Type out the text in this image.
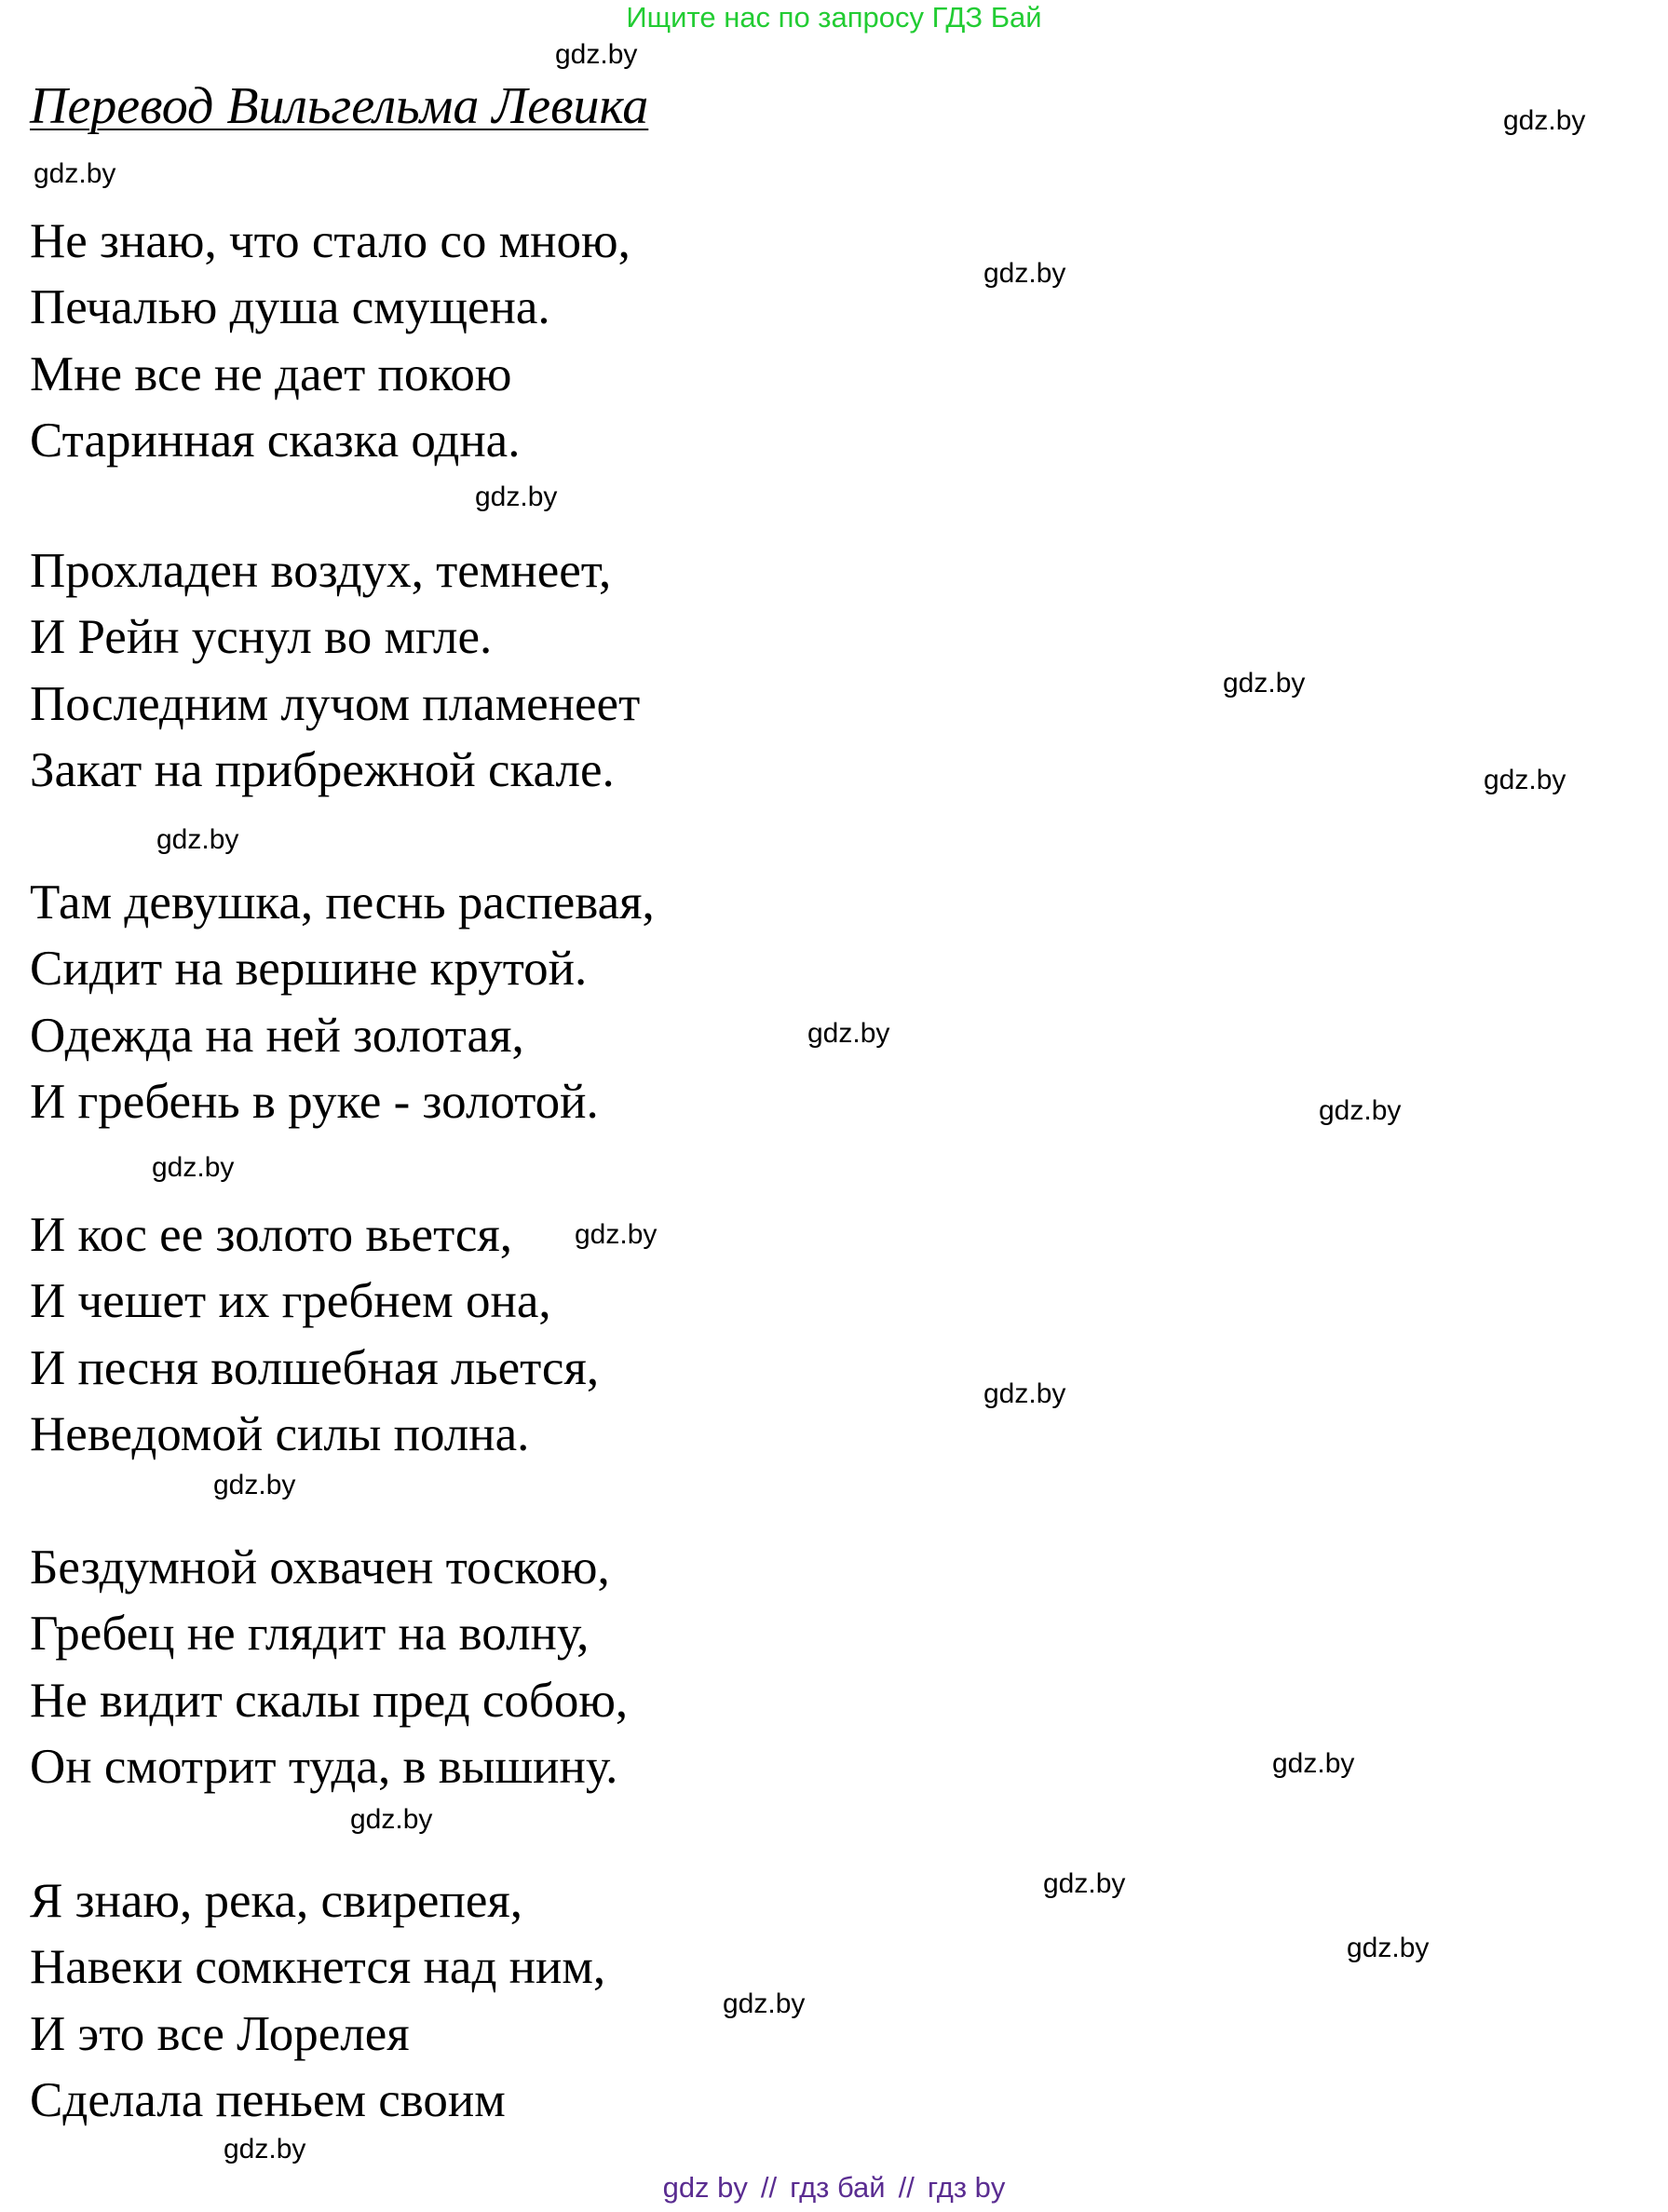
Ищите нас по запросу ГДЗ Бай
Перевод Вильгельма Левика
Не знаю, что стало со мною,
Печалью душа смущена.
Мне все не дает покою
Старинная сказка одна.
Прохладен воздух, темнеет,
И Рейн уснул во мгле.
Последним лучом пламенеет
Закат на прибрежной скале.
Там девушка, песнь распевая,
Сидит на вершине крутой.
Одежда на ней золотая,
И гребень в руке - золотой.
И кос ее золото вьется,
И чешет их гребнем она,
И песня волшебная льется,
Неведомой силы полна.
Бездумной охвачен тоскою,
Гребец не глядит на волну,
Не видит скалы пред собою,
Он смотрит туда, в вышину.
Я знаю, река, свирепея,
Навеки сомкнется над ним,
И это все Лорелея
Сделала пеньем своим
gdz.by
gdz.by
gdz.by
gdz.by
gdz.by
gdz.by
gdz.by
gdz.by
gdz.by
gdz.by
gdz.by
gdz.by
gdz.by
gdz.by
gdz.by
gdz.by
gdz.by
gdz.by
gdz.by
gdz.by
gdz by // гдз бай // гдз by
